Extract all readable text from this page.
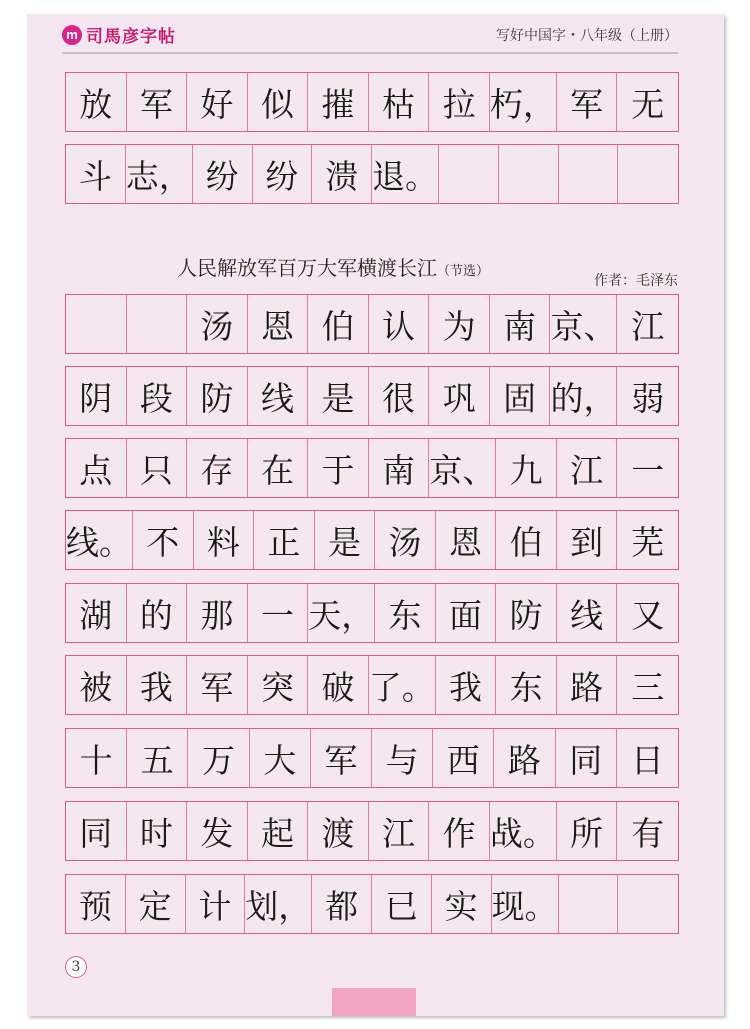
m 司馬彦字帖	写好中国字・八年级（上册）
放 军 好 似 摧 枯 拉 朽， 军 无
斗 志， 纷 纷 溃 退。
人民解放军百万大军横渡长江（节选）
作者：毛泽东
汤 恩 伯 认 为 南 京、 江
阴 段 防 线 是 很 巩 固 的， 弱
点 只 存 在 于 南 京、 九 江 一
线。 不 料 正 是 汤 恩 伯 到 芜
湖 的 那 一 天， 东 面 防 线 又
被 我 军 突 破 了。 我 东 路 三
十 五 万 大 军 与 西 路 同 日
同 时 发 起 渡 江 作 战。 所 有
预 定 计 划， 都 已 实 现。
3
